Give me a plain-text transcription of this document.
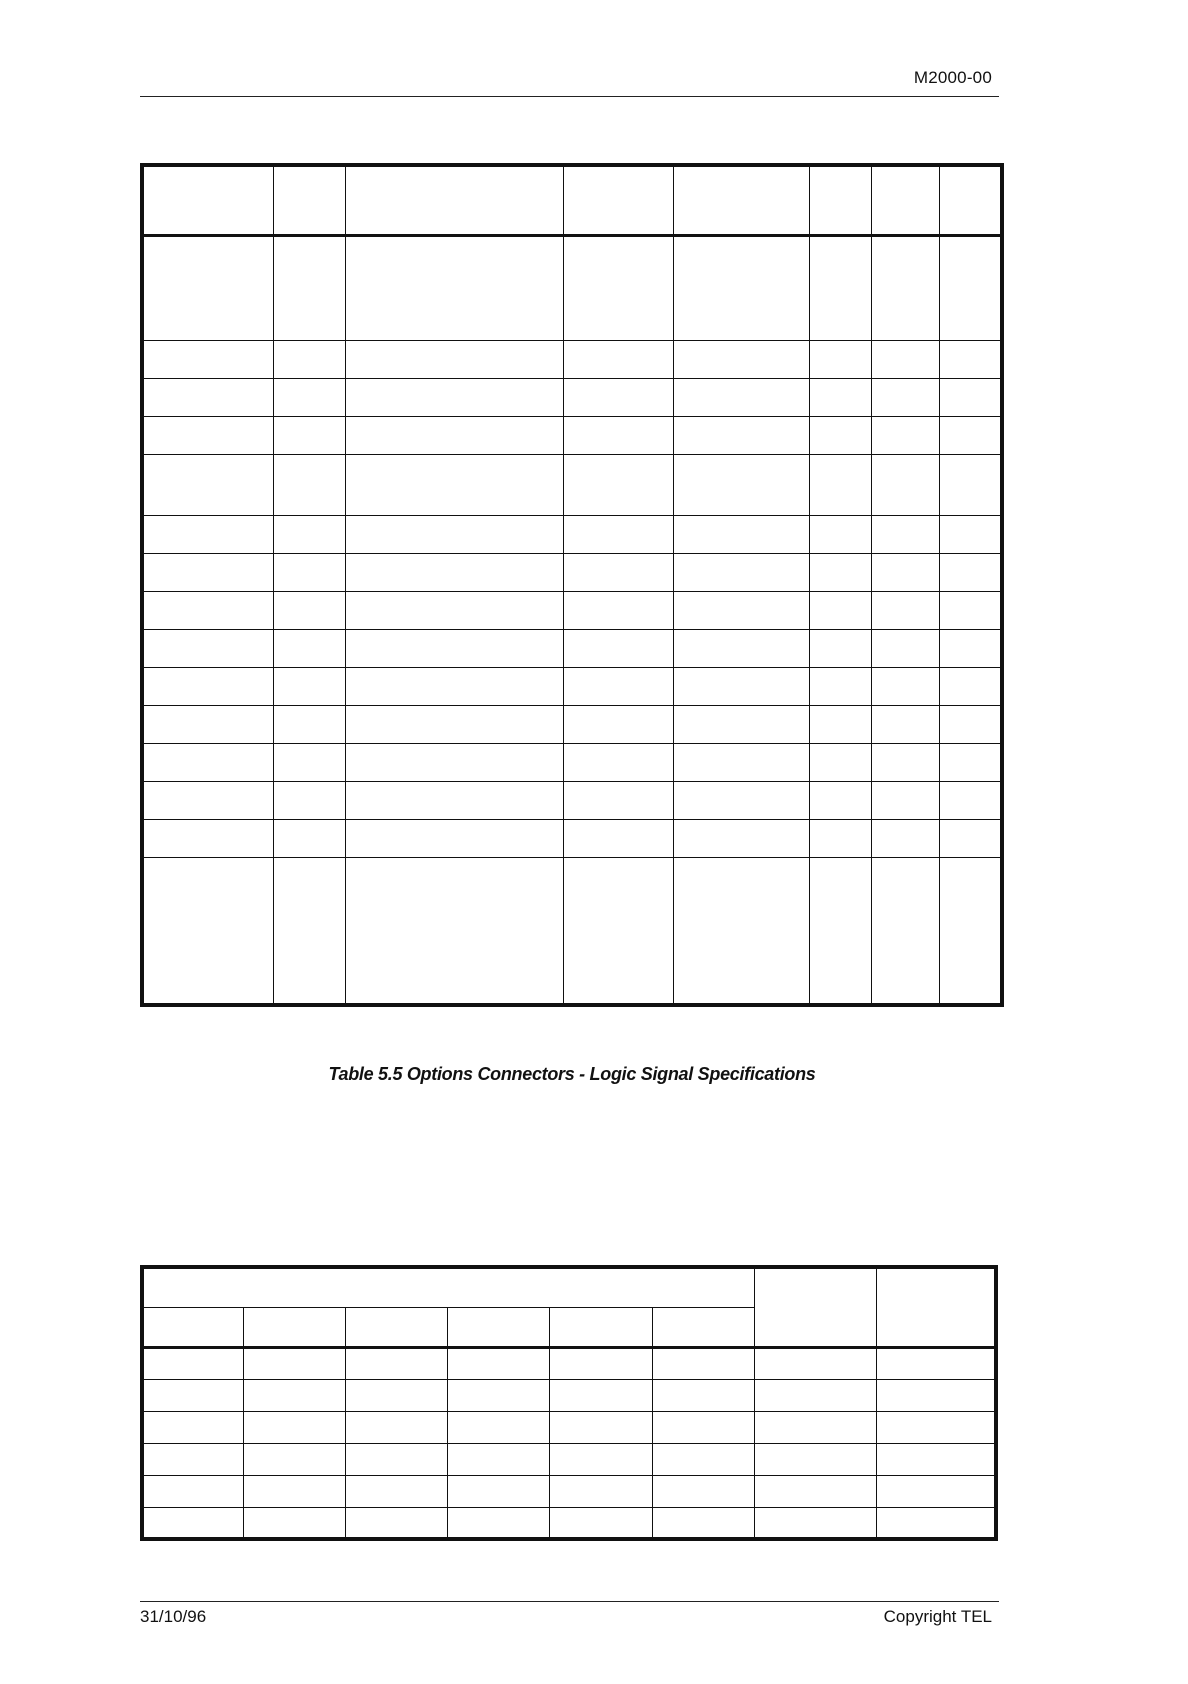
M2000-00

Table 5.5 Options Connectors - Logic Signal Specifications

31/10/96	Copyright TEL
